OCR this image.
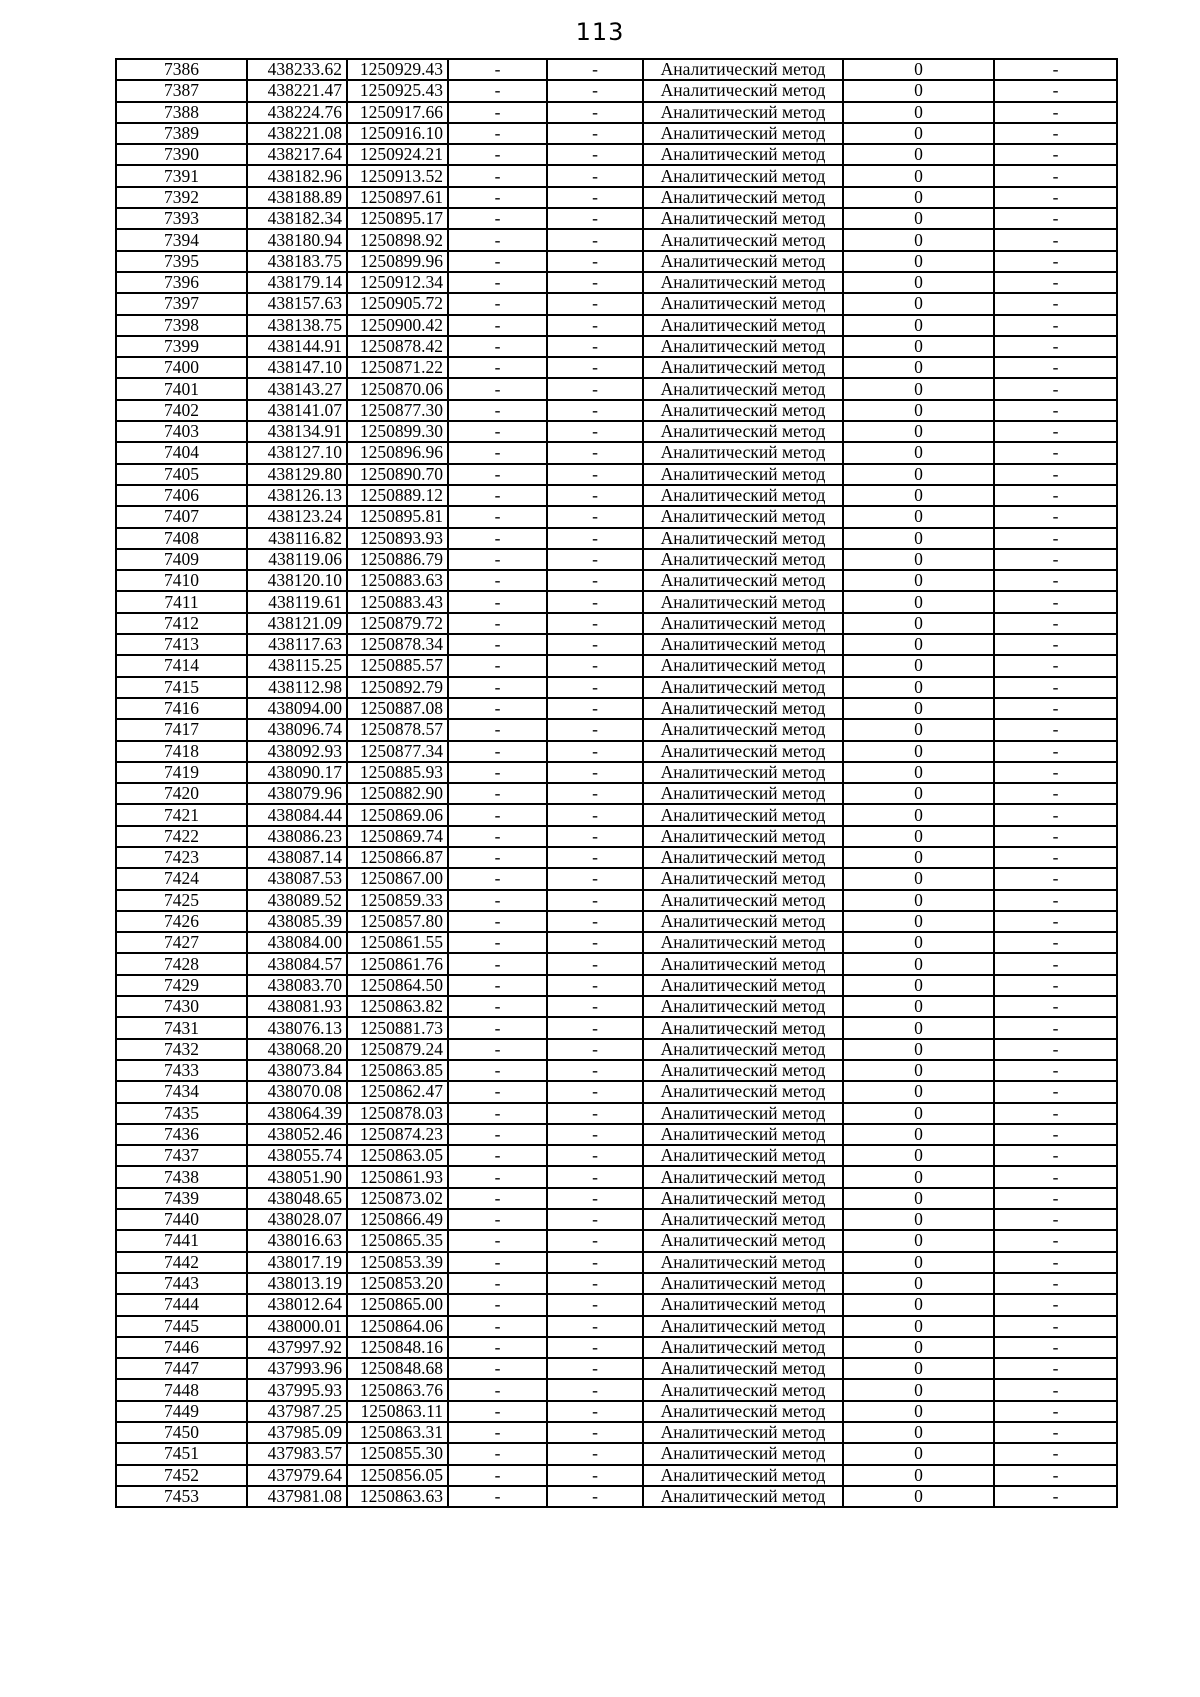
113
7386	438233.62	1250929.43	-	-	Аналитический метод	0	-
7387	438221.47	1250925.43	-	-	Аналитический метод	0	-
7388	438224.76	1250917.66	-	-	Аналитический метод	0	-
7389	438221.08	1250916.10	-	-	Аналитический метод	0	-
7390	438217.64	1250924.21	-	-	Аналитический метод	0	-
7391	438182.96	1250913.52	-	-	Аналитический метод	0	-
7392	438188.89	1250897.61	-	-	Аналитический метод	0	-
7393	438182.34	1250895.17	-	-	Аналитический метод	0	-
7394	438180.94	1250898.92	-	-	Аналитический метод	0	-
7395	438183.75	1250899.96	-	-	Аналитический метод	0	-
7396	438179.14	1250912.34	-	-	Аналитический метод	0	-
7397	438157.63	1250905.72	-	-	Аналитический метод	0	-
7398	438138.75	1250900.42	-	-	Аналитический метод	0	-
7399	438144.91	1250878.42	-	-	Аналитический метод	0	-
7400	438147.10	1250871.22	-	-	Аналитический метод	0	-
7401	438143.27	1250870.06	-	-	Аналитический метод	0	-
7402	438141.07	1250877.30	-	-	Аналитический метод	0	-
7403	438134.91	1250899.30	-	-	Аналитический метод	0	-
7404	438127.10	1250896.96	-	-	Аналитический метод	0	-
7405	438129.80	1250890.70	-	-	Аналитический метод	0	-
7406	438126.13	1250889.12	-	-	Аналитический метод	0	-
7407	438123.24	1250895.81	-	-	Аналитический метод	0	-
7408	438116.82	1250893.93	-	-	Аналитический метод	0	-
7409	438119.06	1250886.79	-	-	Аналитический метод	0	-
7410	438120.10	1250883.63	-	-	Аналитический метод	0	-
7411	438119.61	1250883.43	-	-	Аналитический метод	0	-
7412	438121.09	1250879.72	-	-	Аналитический метод	0	-
7413	438117.63	1250878.34	-	-	Аналитический метод	0	-
7414	438115.25	1250885.57	-	-	Аналитический метод	0	-
7415	438112.98	1250892.79	-	-	Аналитический метод	0	-
7416	438094.00	1250887.08	-	-	Аналитический метод	0	-
7417	438096.74	1250878.57	-	-	Аналитический метод	0	-
7418	438092.93	1250877.34	-	-	Аналитический метод	0	-
7419	438090.17	1250885.93	-	-	Аналитический метод	0	-
7420	438079.96	1250882.90	-	-	Аналитический метод	0	-
7421	438084.44	1250869.06	-	-	Аналитический метод	0	-
7422	438086.23	1250869.74	-	-	Аналитический метод	0	-
7423	438087.14	1250866.87	-	-	Аналитический метод	0	-
7424	438087.53	1250867.00	-	-	Аналитический метод	0	-
7425	438089.52	1250859.33	-	-	Аналитический метод	0	-
7426	438085.39	1250857.80	-	-	Аналитический метод	0	-
7427	438084.00	1250861.55	-	-	Аналитический метод	0	-
7428	438084.57	1250861.76	-	-	Аналитический метод	0	-
7429	438083.70	1250864.50	-	-	Аналитический метод	0	-
7430	438081.93	1250863.82	-	-	Аналитический метод	0	-
7431	438076.13	1250881.73	-	-	Аналитический метод	0	-
7432	438068.20	1250879.24	-	-	Аналитический метод	0	-
7433	438073.84	1250863.85	-	-	Аналитический метод	0	-
7434	438070.08	1250862.47	-	-	Аналитический метод	0	-
7435	438064.39	1250878.03	-	-	Аналитический метод	0	-
7436	438052.46	1250874.23	-	-	Аналитический метод	0	-
7437	438055.74	1250863.05	-	-	Аналитический метод	0	-
7438	438051.90	1250861.93	-	-	Аналитический метод	0	-
7439	438048.65	1250873.02	-	-	Аналитический метод	0	-
7440	438028.07	1250866.49	-	-	Аналитический метод	0	-
7441	438016.63	1250865.35	-	-	Аналитический метод	0	-
7442	438017.19	1250853.39	-	-	Аналитический метод	0	-
7443	438013.19	1250853.20	-	-	Аналитический метод	0	-
7444	438012.64	1250865.00	-	-	Аналитический метод	0	-
7445	438000.01	1250864.06	-	-	Аналитический метод	0	-
7446	437997.92	1250848.16	-	-	Аналитический метод	0	-
7447	437993.96	1250848.68	-	-	Аналитический метод	0	-
7448	437995.93	1250863.76	-	-	Аналитический метод	0	-
7449	437987.25	1250863.11	-	-	Аналитический метод	0	-
7450	437985.09	1250863.31	-	-	Аналитический метод	0	-
7451	437983.57	1250855.30	-	-	Аналитический метод	0	-
7452	437979.64	1250856.05	-	-	Аналитический метод	0	-
7453	437981.08	1250863.63	-	-	Аналитический метод	0	-
